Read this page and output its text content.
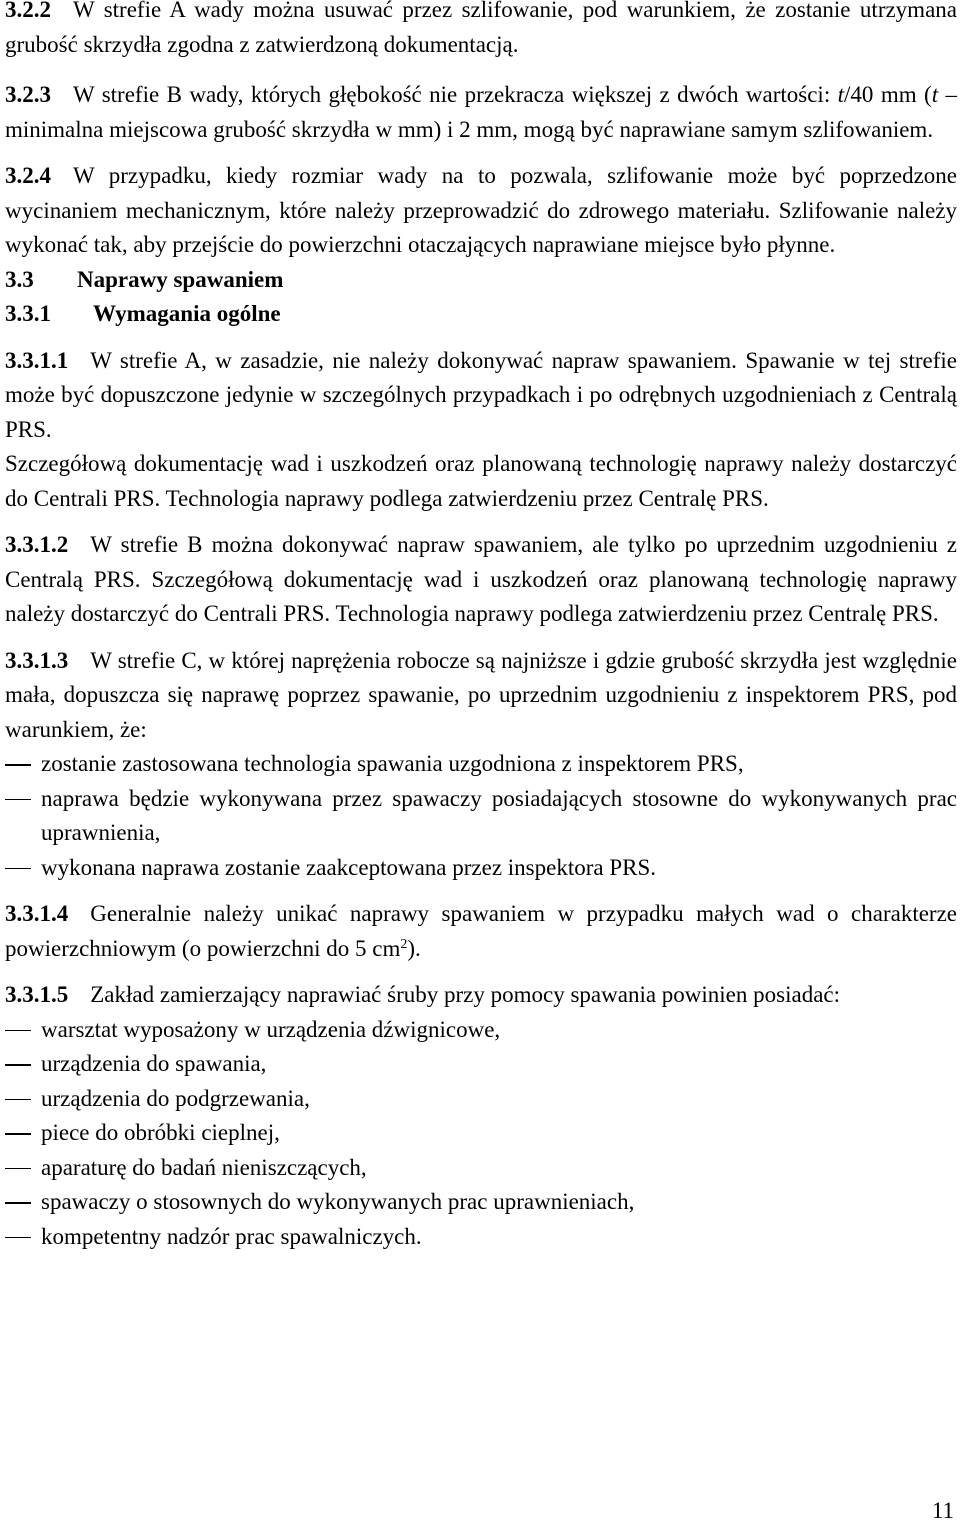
3.2.2 W strefie A wady można usuwać przez szlifowanie, pod warunkiem, że zostanie utrzymana grubość skrzydła zgodna z zatwierdzoną dokumentacją.

3.2.3 W strefie B wady, których głębokość nie przekracza większej z dwóch wartości: t/40 mm (t – minimalna miejscowa grubość skrzydła w mm) i 2 mm, mogą być naprawiane samym szlifowaniem.

3.2.4 W przypadku, kiedy rozmiar wady na to pozwala, szlifowanie może być poprzedzone wycinaniem mechanicznym, które należy przeprowadzić do zdrowego materiału. Szlifowanie należy wykonać tak, aby przejście do powierzchni otaczających naprawiane miejsce było płynne.

3.3 Naprawy spawaniem
3.3.1 Wymagania ogólne

3.3.1.1 W strefie A, w zasadzie, nie należy dokonywać napraw spawaniem. Spawanie w tej strefie może być dopuszczone jedynie w szczególnych przypadkach i po odrębnych uzgodnieniach z Centralą PRS.

Szczegółową dokumentację wad i uszkodzeń oraz planowaną technologię naprawy należy dostarczyć do Centrali PRS. Technologia naprawy podlega zatwierdzeniu przez Centralę PRS.

3.3.1.2 W strefie B można dokonywać napraw spawaniem, ale tylko po uprzednim uzgodnieniu z Centralą PRS. Szczegółową dokumentację wad i uszkodzeń oraz planowaną technologię naprawy należy dostarczyć do Centrali PRS. Technologia naprawy podlega zatwierdzeniu przez Centralę PRS.

3.3.1.3 W strefie C, w której naprężenia robocze są najniższe i gdzie grubość skrzydła jest względnie mała, dopuszcza się naprawę poprzez spawanie, po uprzednim uzgodnieniu z inspektorem PRS, pod warunkiem, że:

zostanie zastosowana technologia spawania uzgodniona z inspektorem PRS,
naprawa będzie wykonywana przez spawaczy posiadających stosowne do wykonywanych prac uprawnienia,
wykonana naprawa zostanie zaakceptowana przez inspektora PRS.

3.3.1.4 Generalnie należy unikać naprawy spawaniem w przypadku małych wad o charakterze powierzchniowym (o powierzchni do 5 $cm^2$).

3.3.1.5 Zakład zamierzający naprawiać śruby przy pomocy spawania powinien posiadać:

warsztat wyposażony w urządzenia dźwignicowe,
urządzenia do spawania,
urządzenia do podgrzewania,
piece do obróbki cieplnej,
aparaturę do badań nieniszczących,
spawaczy o stosownych do wykonywanych prac uprawnieniach,
kompetentny nadzór prac spawalniczych.
11
